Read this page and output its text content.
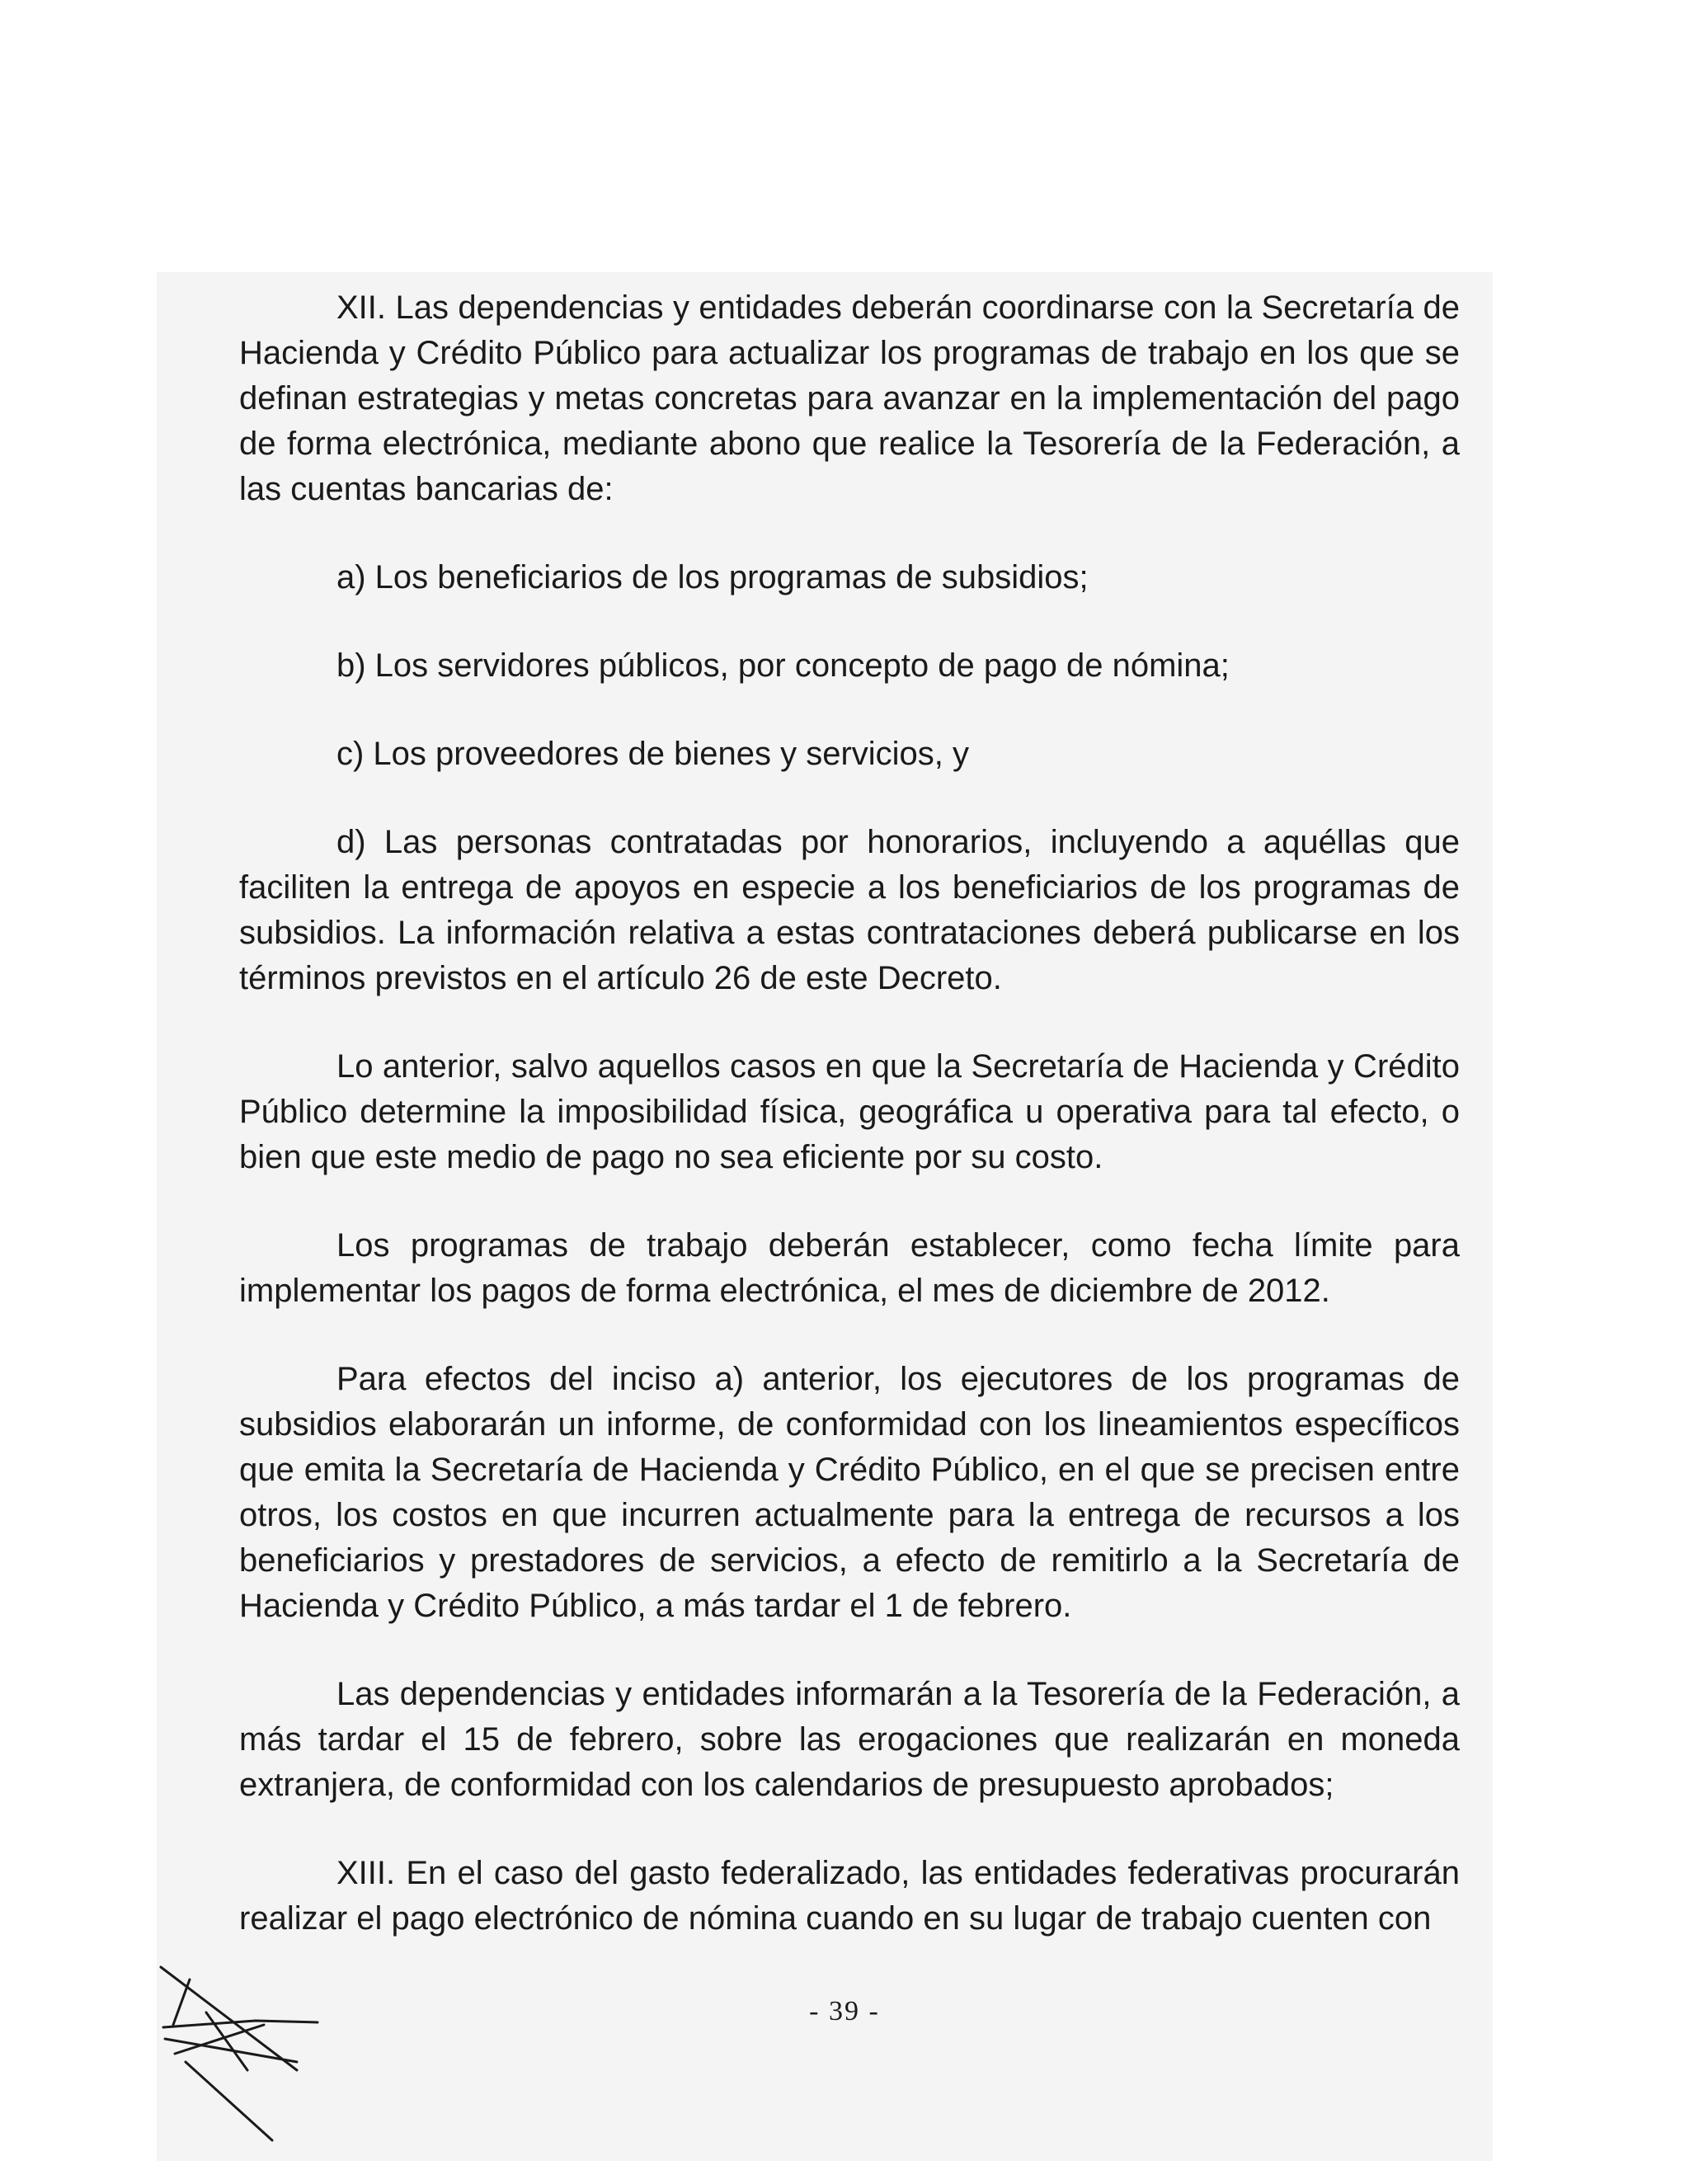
XII. Las dependencias y entidades deberán coordinarse con la Secretaría de Hacienda y Crédito Público para actualizar los programas de trabajo en los que se definan estrategias y metas concretas para avanzar en la implementación del pago de forma electrónica, mediante abono que realice la Tesorería de la Federación, a las cuentas bancarias de:

a) Los beneficiarios de los programas de subsidios;

b) Los servidores públicos, por concepto de pago de nómina;

c) Los proveedores de bienes y servicios, y

d) Las personas contratadas por honorarios, incluyendo a aquéllas que faciliten la entrega de apoyos en especie a los beneficiarios de los programas de subsidios. La información relativa a estas contrataciones deberá publicarse en los términos previstos en el artículo 26 de este Decreto.

Lo anterior, salvo aquellos casos en que la Secretaría de Hacienda y Crédito Público determine la imposibilidad física, geográfica u operativa para tal efecto, o bien que este medio de pago no sea eficiente por su costo.

Los programas de trabajo deberán establecer, como fecha límite para implementar los pagos de forma electrónica, el mes de diciembre de 2012.

Para efectos del inciso a) anterior, los ejecutores de los programas de subsidios elaborarán un informe, de conformidad con los lineamientos específicos que emita la Secretaría de Hacienda y Crédito Público, en el que se precisen entre otros, los costos en que incurren actualmente para la entrega de recursos a los beneficiarios y prestadores de servicios, a efecto de remitirlo a la Secretaría de Hacienda y Crédito Público, a más tardar el 1 de febrero.

Las dependencias y entidades informarán a la Tesorería de la Federación, a más tardar el 15 de febrero, sobre las erogaciones que realizarán en moneda extranjera, de conformidad con los calendarios de presupuesto aprobados;

XIII. En el caso del gasto federalizado, las entidades federativas procurarán realizar el pago electrónico de nómina cuando en su lugar de trabajo cuenten con

- 39 -
